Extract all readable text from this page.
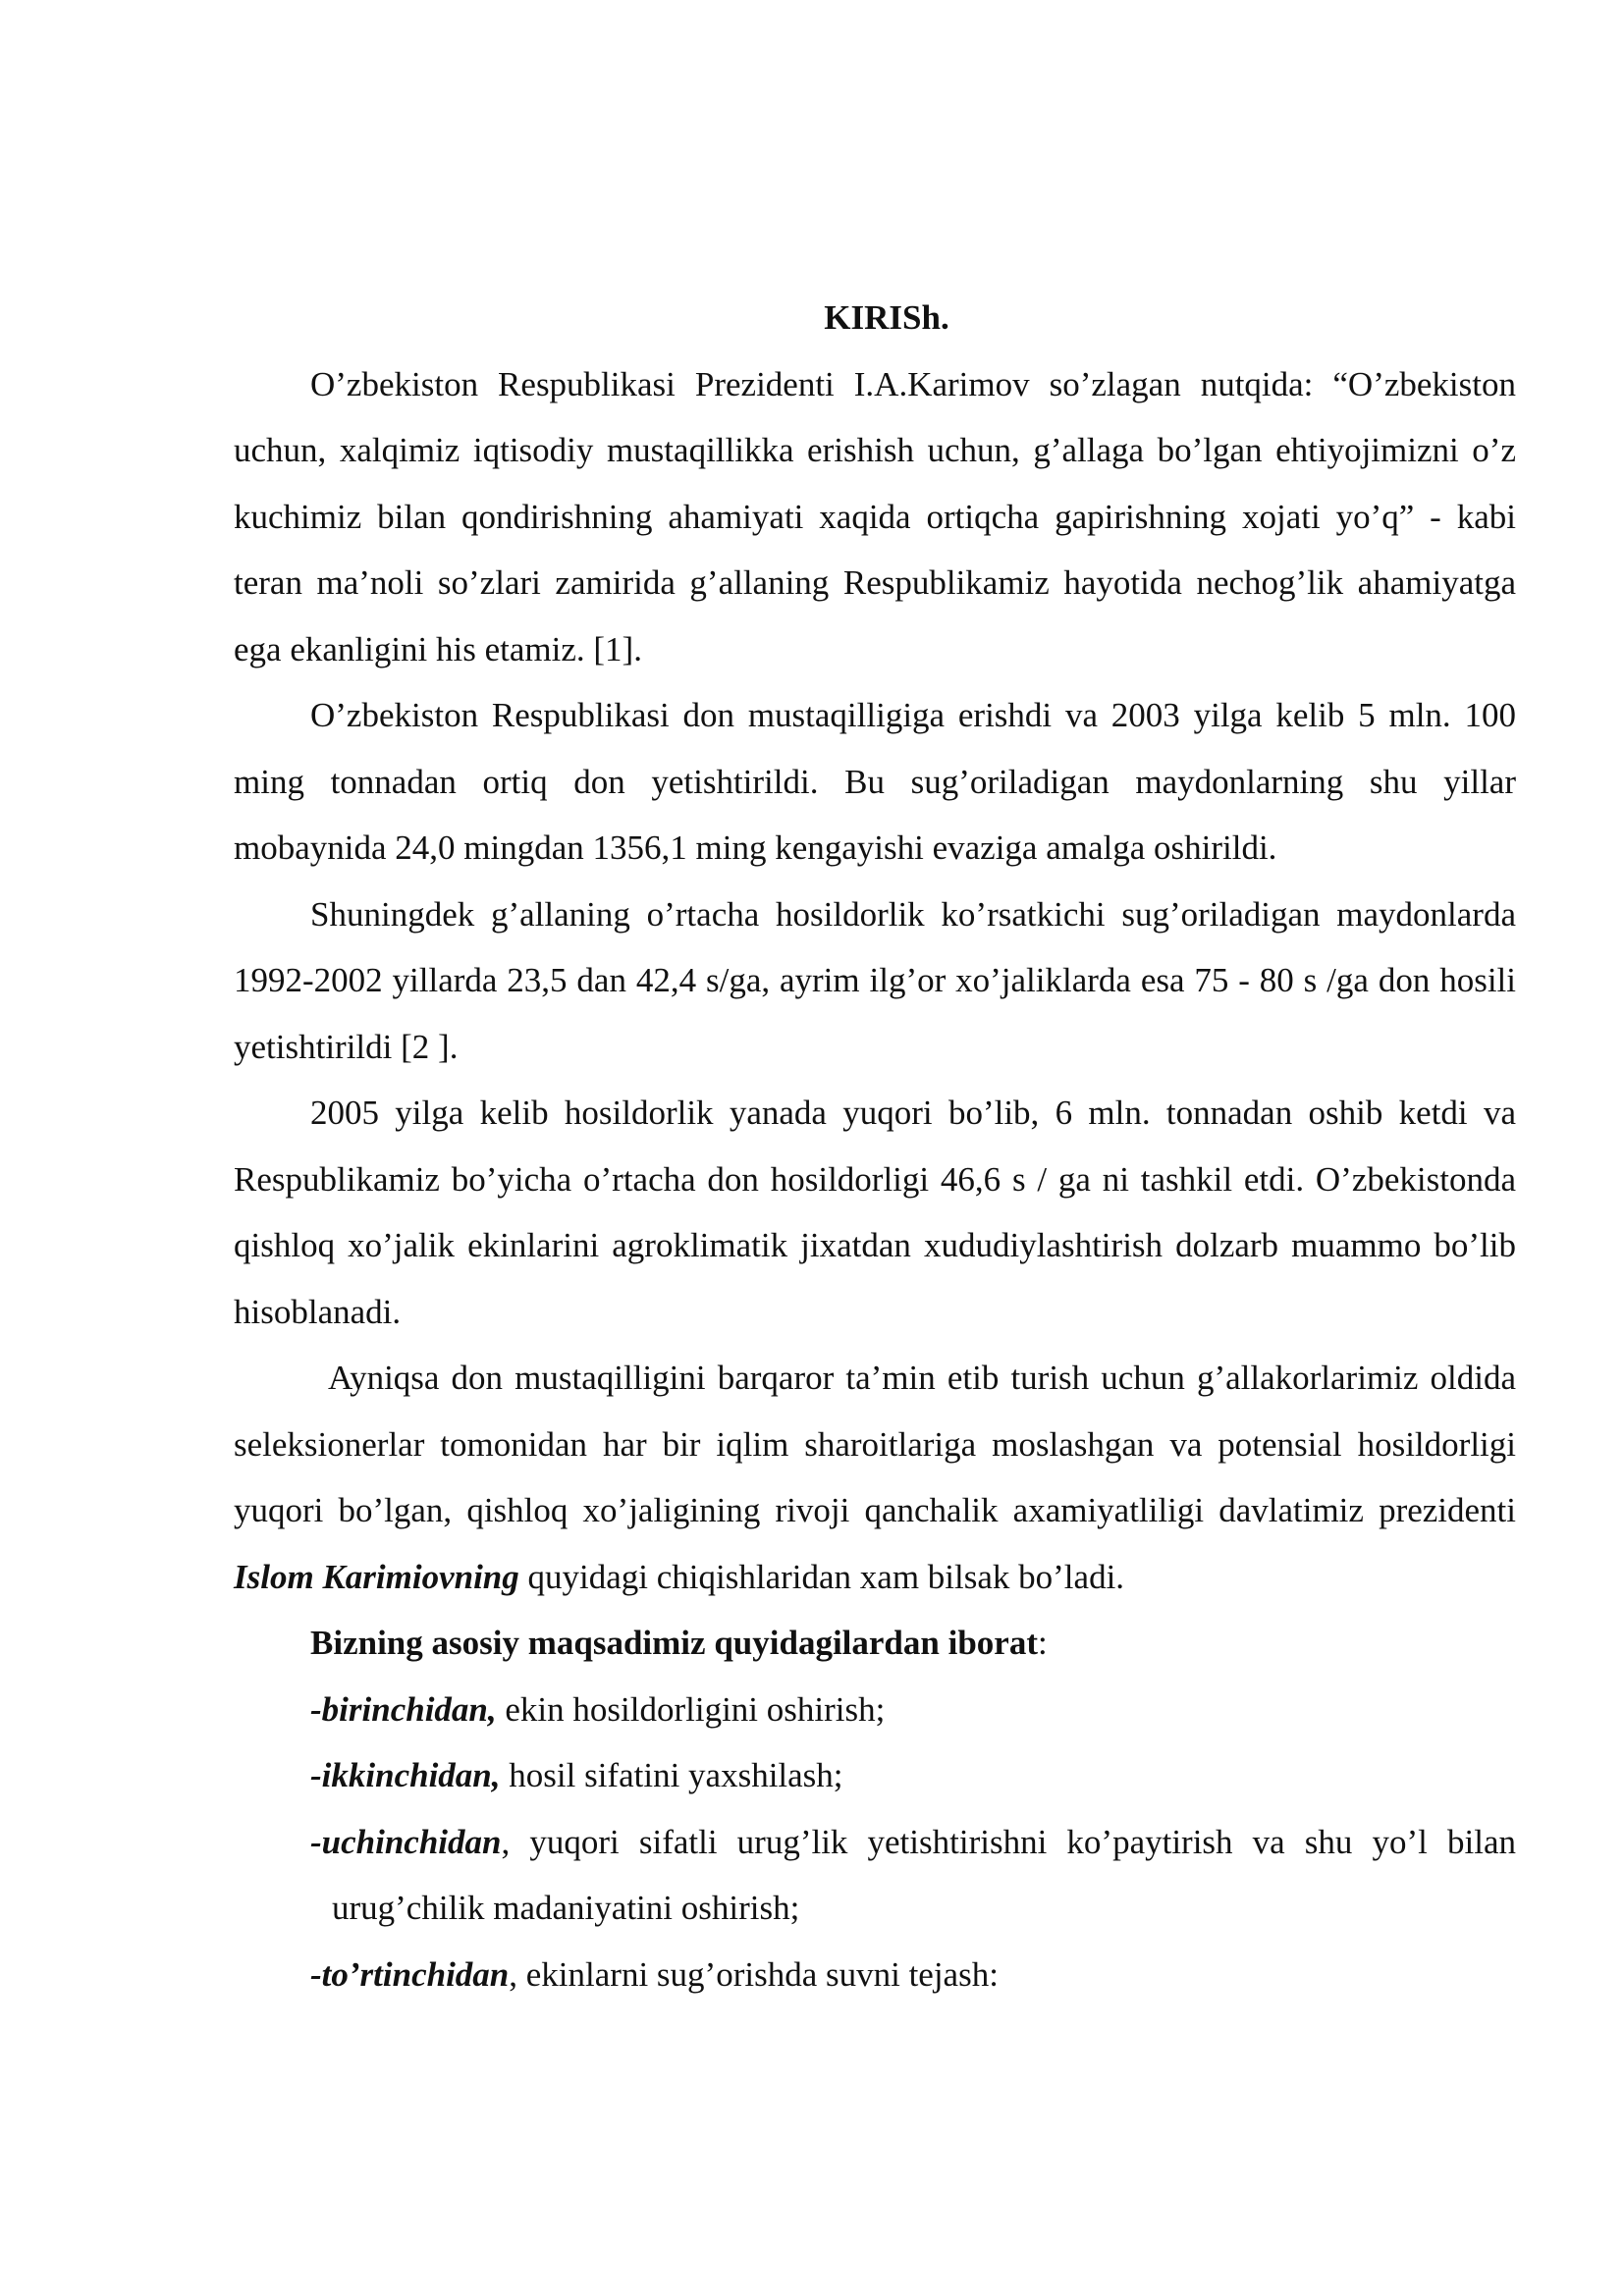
KIRISh.

O’zbekiston Respublikasi Prezidenti I.A.Karimov so’zlagan nutqida: “O’zbekiston uchun, xalqimiz iqtisodiy mustaqillikka erishish uchun, g’allaga bo’lgan ehtiyojimizni o’z kuchimiz bilan qondirishning ahamiyati xaqida ortiqcha gapirishning xojati yo’q” - kabi teran ma’noli so’zlari zamirida g’allaning Respublikamiz hayotida nechog’lik ahamiyatga ega ekanligini his etamiz. [1].

O’zbekiston Respublikasi don mustaqilligiga erishdi va 2003 yilga kelib 5 mln. 100 ming tonnadan ortiq don yetishtirildi. Bu sug’oriladigan maydonlarning shu yillar mobaynida 24,0 mingdan 1356,1 ming kengayishi evaziga amalga oshirildi.

Shuningdek g’allaning o’rtacha hosildorlik ko’rsatkichi sug’oriladigan maydonlarda 1992-2002 yillarda 23,5 dan 42,4 s/ga, ayrim ilg’or xo’jaliklarda esa 75 - 80 s /ga don hosili yetishtirildi [2 ].

2005 yilga kelib hosildorlik yanada yuqori bo’lib, 6 mln. tonnadan oshib ketdi va Respublikamiz bo’yicha o’rtacha don hosildorligi 46,6 s / ga ni tashkil etdi. O’zbekistonda qishloq xo’jalik ekinlarini agroklimatik jixatdan xududiylashtirish dolzarb muammo bo’lib hisoblanadi.

Ayniqsa don mustaqilligini barqaror ta’min etib turish uchun g’allakorlarimiz oldida seleksionerlar tomonidan har bir iqlim sharoitlariga moslashgan va potensial hosildorligi yuqori bo’lgan, qishloq xo’jaligining rivoji qanchalik axamiyatliligi davlatimiz prezidenti Islom Karimiovning quyidagi chiqishlaridan xam bilsak bo’ladi.

Bizning asosiy maqsadimiz quyidagilardan iborat:

-birinchidan, ekin hosildorligini oshirish;
-ikkinchidan, hosil sifatini yaxshilash;
-uchinchidan, yuqori sifatli urug’lik yetishtirishni ko’paytirish va shu yo’l bilan urug’chilik madaniyatini oshirish;
-to’rtinchidan, ekinlarni sug’orishda suvni tejash:
